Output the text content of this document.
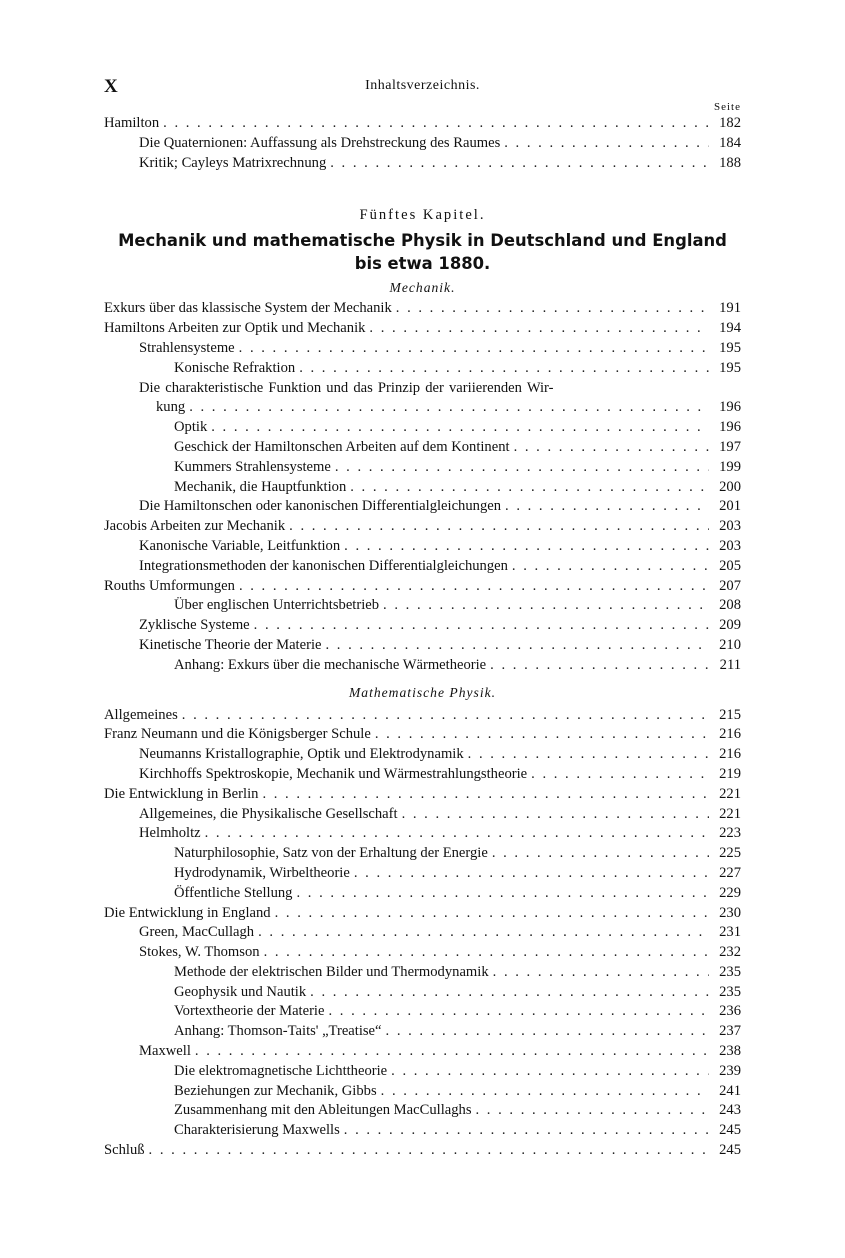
X	Inhaltsverzeichnis.
Seite
Hamilton . . .	182
Die Quaternionen: Auffassung als Drehstreckung des Raumes . . .	184
Kritik; Cayleys Matrixrechnung . . .	188
Fünftes Kapitel.
Mechanik und mathematische Physik in Deutschland und England
bis etwa 1880.
Mechanik.
Exkurs über das klassische System der Mechanik . . .	191
Hamiltons Arbeiten zur Optik und Mechanik . . .	194
Strahlensysteme . . .	195
Konische Refraktion . . .	195
Die charakteristische Funktion und das Prinzip der variierenden Wir-
kung . . .	196
Optik . . .	196
Geschick der Hamiltonschen Arbeiten auf dem Kontinent . . .	197
Kummers Strahlensysteme . . .	199
Mechanik, die Hauptfunktion . . .	200
Die Hamiltonschen oder kanonischen Differentialgleichungen . . .	201
Jacobis Arbeiten zur Mechanik . . .	203
Kanonische Variable, Leitfunktion . . .	203
Integrationsmethoden der kanonischen Differentialgleichungen . . .	205
Rouths Umformungen . . .	207
Über englischen Unterrichtsbetrieb . . .	208
Zyklische Systeme . . .	209
Kinetische Theorie der Materie . . .	210
Anhang: Exkurs über die mechanische Wärmetheorie . . .	211
Mathematische Physik.
Allgemeines . . .	215
Franz Neumann und die Königsberger Schule . . .	216
Neumanns Kristallographie, Optik und Elektrodynamik . . .	216
Kirchhoffs Spektroskopie, Mechanik und Wärmestrahlungstheorie . . .	219
Die Entwicklung in Berlin . . .	221
Allgemeines, die Physikalische Gesellschaft . . .	221
Helmholtz . . .	223
Naturphilosophie, Satz von der Erhaltung der Energie . . .	225
Hydrodynamik, Wirbeltheorie . . .	227
Öffentliche Stellung . . .	229
Die Entwicklung in England . . .	230
Green, MacCullagh . . .	231
Stokes, W. Thomson . . .	232
Methode der elektrischen Bilder und Thermodynamik . . .	235
Geophysik und Nautik . . .	235
Vortextheorie der Materie . . .	236
Anhang: Thomson-Taits' „Treatise“ . . .	237
Maxwell . . .	238
Die elektromagnetische Lichttheorie . . .	239
Beziehungen zur Mechanik, Gibbs . . .	241
Zusammenhang mit den Ableitungen MacCullaghs . . .	243
Charakterisierung Maxwells . . .	245
Schluß . . .	245
